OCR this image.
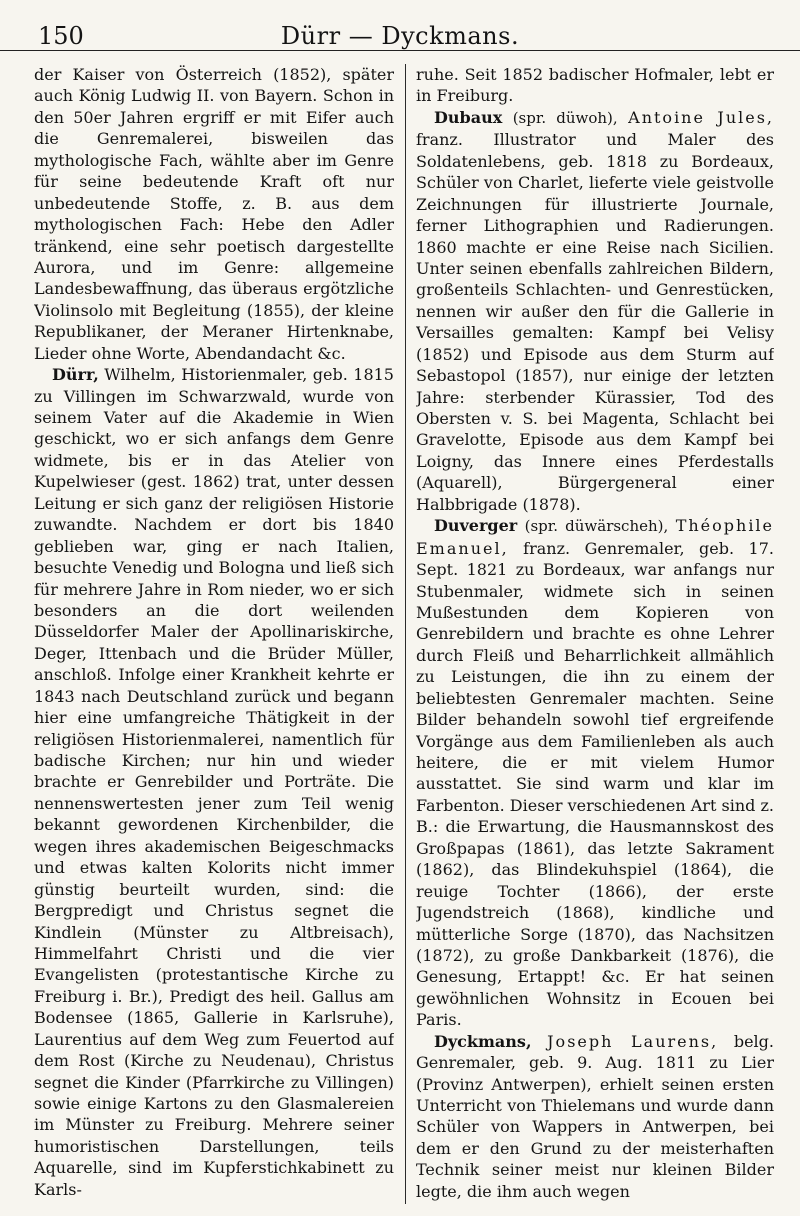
150	Dürr — Dyckmans.

der Kaiser von Österreich (1852), später auch König Ludwig II. von Bayern. Schon in den 50er Jahren ergriff er mit Eifer auch die Genremalerei, bisweilen das mythologische Fach, wählte aber im Genre für seine bedeutende Kraft oft nur unbedeutende Stoffe, z. B. aus dem mythologischen Fach: Hebe den Adler tränkend, eine sehr poetisch dargestellte Aurora, und im Genre: allgemeine Landesbewaffnung, das überaus ergötzliche Violinsolo mit Begleitung (1855), der kleine Republikaner, der Meraner Hirtenknabe, Lieder ohne Worte, Abendandacht &c.

Dürr, Wilhelm, Historienmaler, geb. 1815 zu Villingen im Schwarzwald, wurde von seinem Vater auf die Akademie in Wien geschickt, wo er sich anfangs dem Genre widmete, bis er in das Atelier von Kupelwieser (gest. 1862) trat, unter dessen Leitung er sich ganz der religiösen Historie zuwandte. Nachdem er dort bis 1840 geblieben war, ging er nach Italien, besuchte Venedig und Bologna und ließ sich für mehrere Jahre in Rom nieder, wo er sich besonders an die dort weilenden Düsseldorfer Maler der Apollinariskirche, Deger, Ittenbach und die Brüder Müller, anschloß. Infolge einer Krankheit kehrte er 1843 nach Deutschland zurück und begann hier eine umfangreiche Thätigkeit in der religiösen Historienmalerei, namentlich für badische Kirchen; nur hin und wieder brachte er Genrebilder und Porträte. Die nennenswertesten jener zum Teil wenig bekannt gewordenen Kirchenbilder, die wegen ihres akademischen Beigeschmacks und etwas kalten Kolorits nicht immer günstig beurteilt wurden, sind: die Bergpredigt und Christus segnet die Kindlein (Münster zu Altbreisach), Himmelfahrt Christi und die vier Evangelisten (protestantische Kirche zu Freiburg i. Br.), Predigt des heil. Gallus am Bodensee (1865, Gallerie in Karlsruhe), Laurentius auf dem Weg zum Feuertod auf dem Rost (Kirche zu Neudenau), Christus segnet die Kinder (Pfarrkirche zu Villingen) sowie einige Kartons zu den Glasmalereien im Münster zu Freiburg. Mehrere seiner humoristischen Darstellungen, teils Aquarelle, sind im Kupferstichkabinett zu Karls-

ruhe. Seit 1852 badischer Hofmaler, lebt er in Freiburg.

Dubaux (spr. düwoh), Antoine Jules, franz. Illustrator und Maler des Soldatenlebens, geb. 1818 zu Bordeaux, Schüler von Charlet, lieferte viele geistvolle Zeichnungen für illustrierte Journale, ferner Lithographien und Radierungen. 1860 machte er eine Reise nach Sicilien. Unter seinen ebenfalls zahlreichen Bildern, großenteils Schlachten- und Genrestücken, nennen wir außer den für die Gallerie in Versailles gemalten: Kampf bei Velisy (1852) und Episode aus dem Sturm auf Sebastopol (1857), nur einige der letzten Jahre: sterbender Kürassier, Tod des Obersten v. S. bei Magenta, Schlacht bei Gravelotte, Episode aus dem Kampf bei Loigny, das Innere eines Pferdestalls (Aquarell), Bürgergeneral einer Halbbrigade (1878).

Duverger (spr. düwärscheh), Théophile Emanuel, franz. Genremaler, geb. 17. Sept. 1821 zu Bordeaux, war anfangs nur Stubenmaler, widmete sich in seinen Mußestunden dem Kopieren von Genrebildern und brachte es ohne Lehrer durch Fleiß und Beharrlichkeit allmählich zu Leistungen, die ihn zu einem der beliebtesten Genremaler machten. Seine Bilder behandeln sowohl tief ergreifende Vorgänge aus dem Familienleben als auch heitere, die er mit vielem Humor ausstattet. Sie sind warm und klar im Farbenton. Dieser verschiedenen Art sind z. B.: die Erwartung, die Hausmannskost des Großpapas (1861), das letzte Sakrament (1862), das Blindekuhspiel (1864), die reuige Tochter (1866), der erste Jugendstreich (1868), kindliche und mütterliche Sorge (1870), das Nachsitzen (1872), zu große Dankbarkeit (1876), die Genesung, Ertappt! &c. Er hat seinen gewöhnlichen Wohnsitz in Ecouen bei Paris.

Dyckmans, Joseph Laurens, belg. Genremaler, geb. 9. Aug. 1811 zu Lier (Provinz Antwerpen), erhielt seinen ersten Unterricht von Thielemans und wurde dann Schüler von Wappers in Antwerpen, bei dem er den Grund zu der meisterhaften Technik seiner meist nur kleinen Bilder legte, die ihm auch wegen
